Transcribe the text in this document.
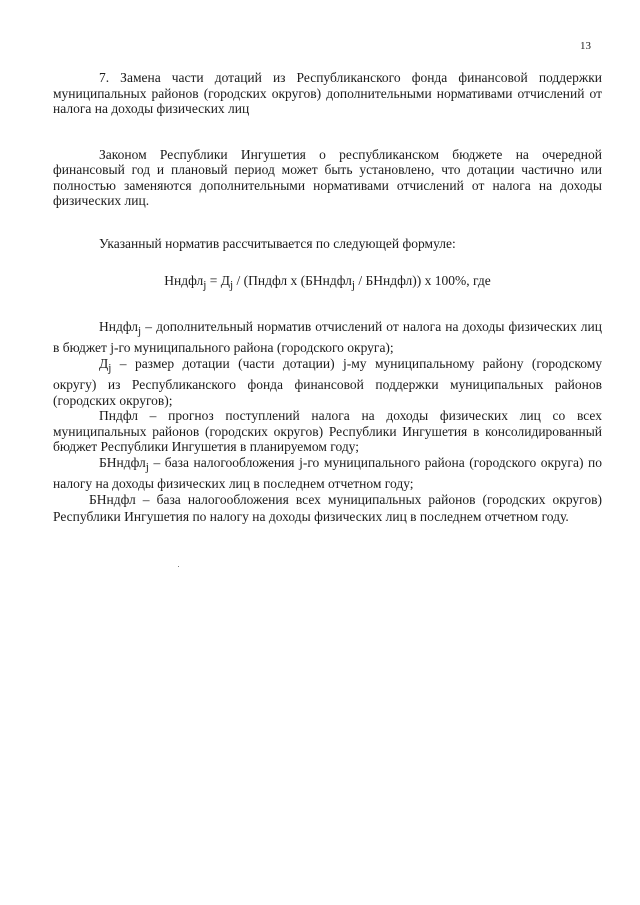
13

7. Замена части дотаций из Республиканского фонда финансовой поддержки муниципальных районов (городских округов) дополнительными нормативами отчислений от налога на доходы физических лиц

Законом Республики Ингушетия о республиканском бюджете на очередной финансовый год и плановый период может быть установлено, что дотации частично или полностью заменяются дополнительными нормативами отчислений от налога на доходы физических лиц.

Указанный норматив рассчитывается по следующей формуле:

Нндфл$_j$ = $Д_j$ / (Пндфл х (БНндфл$_j$ / БНндфл)) х 100%, где

Нндфл$_j$ – дополнительный норматив отчислений от налога на доходы физических лиц в бюджет j-го муниципального района (городского округа);

$Д_j$ – размер дотации (части дотации) j-му муниципальному району (городскому округу) из Республиканского фонда финансовой поддержки муниципальных районов (городских округов);

Пндфл – прогноз поступлений налога на доходы физических лиц со всех муниципальных районов (городских округов) Республики Ингушетия в консолидированный бюджет Республики Ингушетия в планируемом году;

БНндфл$_j$ – база налогообложения j-го муниципального района (городского округа) по налогу на доходы физических лиц в последнем отчетном году;

БНндфл – база налогообложения всех муниципальных районов (городских округов) Республики Ингушетия по налогу на доходы физических лиц в последнем отчетном году.
